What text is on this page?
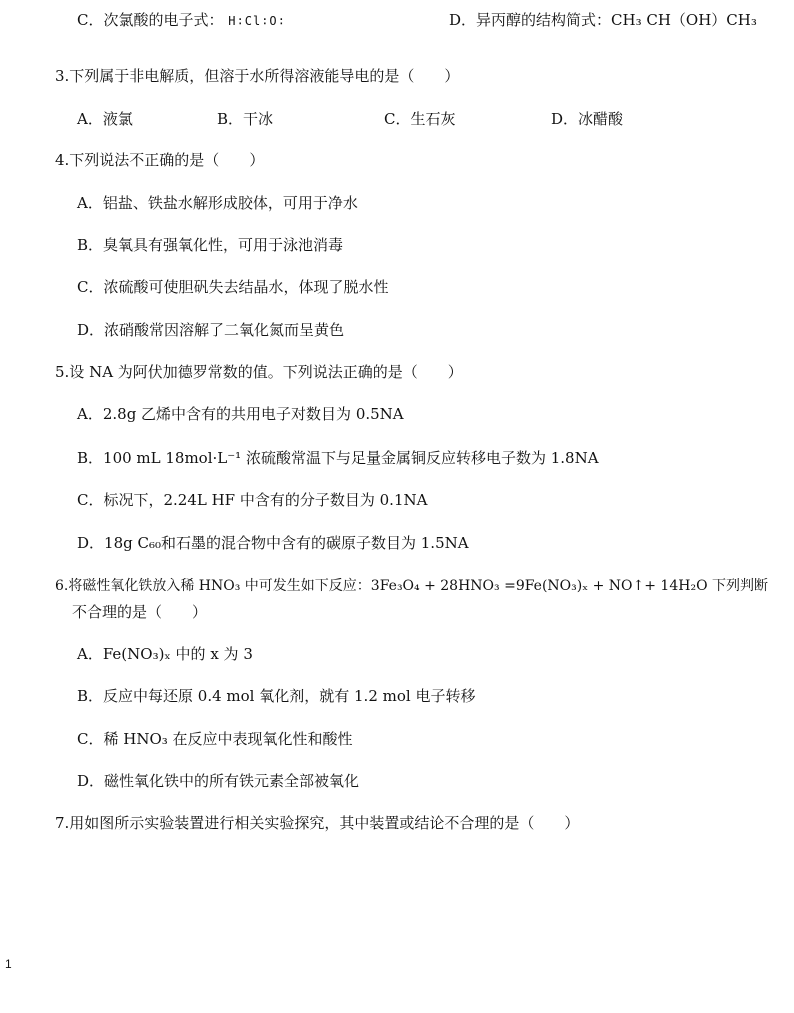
C．次氯酸的电子式： H∶Cl∶O∶	D．异丙醇的结构简式：CH₃ CH（OH）CH₃
3.下列属于非电解质，但溶于水所得溶液能导电的是（　　）
A．液氯	B．干冰	C．生石灰	D．冰醋酸
4.下列说法不正确的是（　　）
A．铝盐、铁盐水解形成胶体，可用于净水
B．臭氧具有强氧化性，可用于泳池消毒
C．浓硫酸可使胆矾失去结晶水，体现了脱水性
D．浓硝酸常因溶解了二氧化氮而呈黄色
5.设 NA 为阿伏加德罗常数的值。下列说法正确的是（　　）
A．2.8g 乙烯中含有的共用电子对数目为 0.5NA
B．100 mL 18mol·L⁻¹ 浓硫酸常温下与足量金属铜反应转移电子数为 1.8NA
C．标况下，2.24L HF 中含有的分子数目为 0.1NA
D．18g C₆₀和石墨的混合物中含有的碳原子数目为 1.5NA
6.将磁性氧化铁放入稀 HNO₃ 中可发生如下反应：3Fe₃O₄ + 28HNO₃ =9Fe(NO₃)ₓ + NO↑+ 14H₂O 下列判断
不合理的是（　　）
A．Fe(NO₃)ₓ 中的 x 为 3
B．反应中每还原 0.4 mol 氧化剂，就有 1.2 mol 电子转移
C．稀 HNO₃ 在反应中表现氧化性和酸性
D．磁性氧化铁中的所有铁元素全部被氧化
7.用如图所示实验装置进行相关实验探究，其中装置或结论不合理的是（　　）
1
